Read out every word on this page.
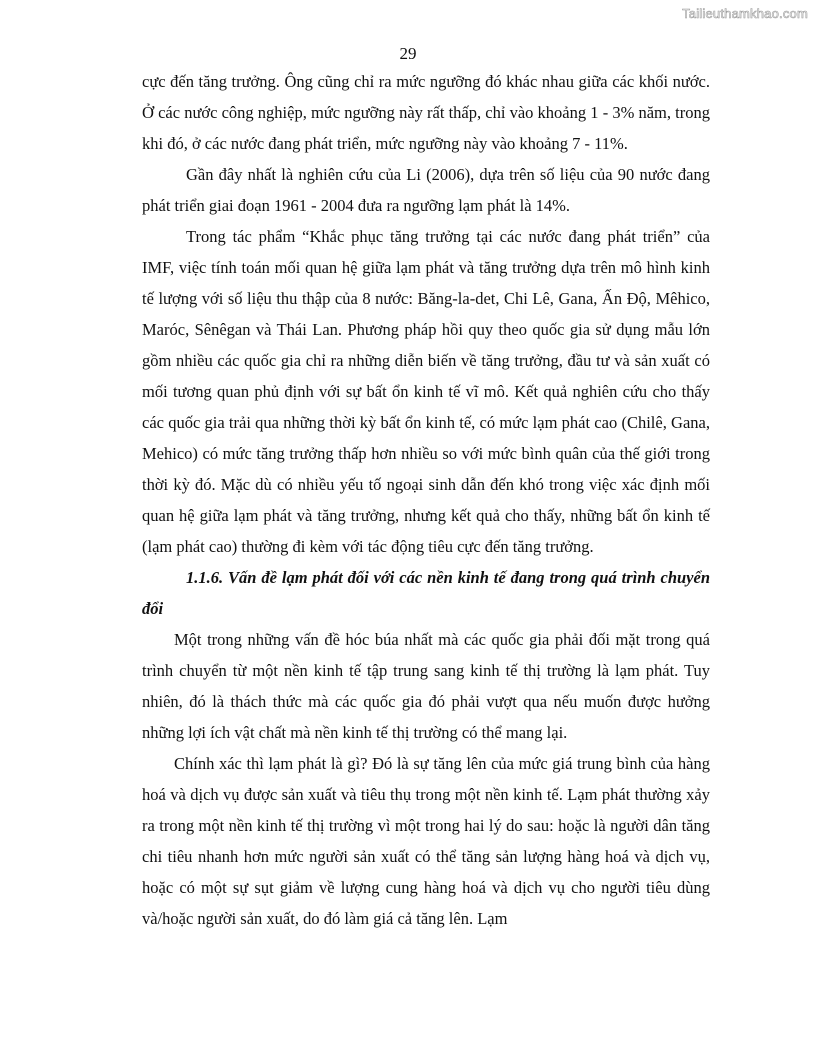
Tailieuthamkhao.com
29

cực đến tăng trưởng. Ông cũng chỉ ra mức ngưỡng đó khác nhau giữa các khối nước. Ở các nước công nghiệp, mức ngưỡng này rất thấp, chỉ vào khoảng 1 - 3% năm, trong khi đó, ở các nước đang phát triển, mức ngưỡng này vào khoảng 7 - 11%.

Gần đây nhất là nghiên cứu của Li (2006), dựa trên số liệu của 90 nước đang phát triển giai đoạn 1961 - 2004 đưa ra ngưỡng lạm phát là 14%.

Trong tác phẩm “Khắc phục tăng trưởng tại các nước đang phát triển” của IMF, việc tính toán mối quan hệ giữa lạm phát và tăng trưởng dựa trên mô hình kinh tế lượng với số liệu thu thập của 8 nước: Băng-la-det, Chi Lê, Gana, Ấn Độ, Mêhico, Maróc, Sênêgan và Thái Lan. Phương pháp hồi quy theo quốc gia sử dụng mẫu lớn gồm nhiều các quốc gia chỉ ra những diễn biến về tăng trưởng, đầu tư và sản xuất có mối tương quan phủ định với sự bất ổn kinh tế vĩ mô. Kết quả nghiên cứu cho thấy các quốc gia trải qua những thời kỳ bất ổn kinh tế, có mức lạm phát cao (Chilê, Gana, Mehico) có mức tăng trưởng thấp hơn nhiều so với mức bình quân của thế giới trong thời kỳ đó. Mặc dù có nhiều yếu tố ngoại sinh dẫn đến khó trong việc xác định mối quan hệ giữa lạm phát và tăng trưởng, nhưng kết quả cho thấy, những bất ổn kinh tế (lạm phát cao) thường đi kèm với tác động tiêu cực đến tăng trưởng.

1.1.6. Vấn đề lạm phát đối với các nền kinh tế đang trong quá trình chuyển đổi

Một trong những vấn đề hóc búa nhất mà các quốc gia phải đối mặt trong quá trình chuyển từ một nền kinh tế tập trung sang kinh tế thị trường là lạm phát. Tuy nhiên, đó là thách thức mà các quốc gia đó phải vượt qua nếu muốn được hưởng những lợi ích vật chất mà nền kinh tế thị trường có thể mang lại.

Chính xác thì lạm phát là gì? Đó là sự tăng lên của mức giá trung bình của hàng hoá và dịch vụ được sản xuất và tiêu thụ trong một nền kinh tế. Lạm phát thường xảy ra trong một nền kinh tế thị trường vì một trong hai lý do sau: hoặc là người dân tăng chi tiêu nhanh hơn mức người sản xuất có thể tăng sản lượng hàng hoá và dịch vụ, hoặc có một sự sụt giảm về lượng cung hàng hoá và dịch vụ cho người tiêu dùng và/hoặc người sản xuất, do đó làm giá cả tăng lên. Lạm
